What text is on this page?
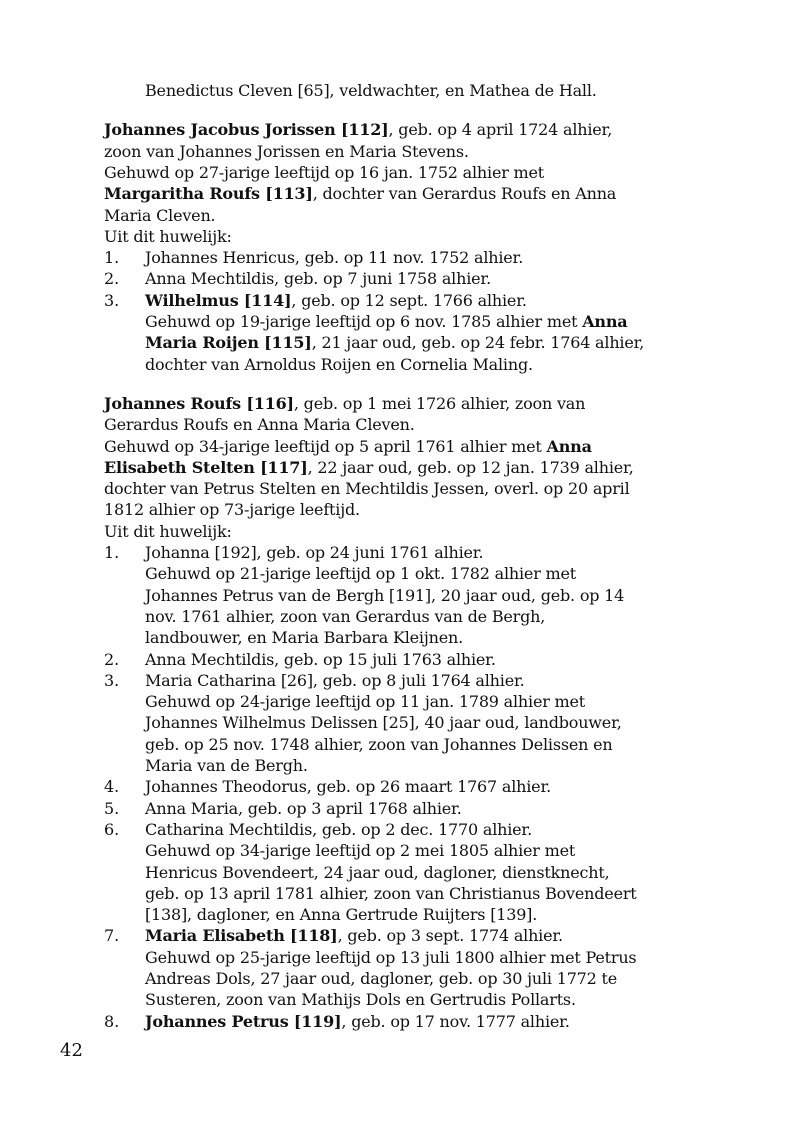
Benedictus Cleven [65], veldwachter, en Mathea de Hall.
Johannes Jacobus Jorissen [112], geb. op 4 april 1724 alhier,
zoon van Johannes Jorissen en Maria Stevens.
Gehuwd op 27-jarige leeftijd op 16 jan. 1752 alhier met
Margaritha Roufs [113], dochter van Gerardus Roufs en Anna
Maria Cleven.
Uit dit huwelijk:
Johannes Henricus, geb. op 11 nov. 1752 alhier.
1.
Anna Mechtildis, geb. op 7 juni 1758 alhier.
2.
Wilhelmus [114], geb. op 12 sept. 1766 alhier.
3.
Gehuwd op 19-jarige leeftijd op 6 nov. 1785 alhier met Anna
Maria Roijen [115], 21 jaar oud, geb. op 24 febr. 1764 alhier,
dochter van Arnoldus Roijen en Cornelia Maling.
Johannes Roufs [116], geb. op 1 mei 1726 alhier, zoon van
Gerardus Roufs en Anna Maria Cleven.
Gehuwd op 34-jarige leeftijd op 5 april 1761 alhier met Anna
Elisabeth Stelten [117], 22 jaar oud, geb. op 12 jan. 1739 alhier,
dochter van Petrus Stelten en Mechtildis Jessen, overl. op 20 april
1812 alhier op 73-jarige leeftijd.
Uit dit huwelijk:
Johanna [192], geb. op 24 juni 1761 alhier.
1.
Gehuwd op 21-jarige leeftijd op 1 okt. 1782 alhier met
Johannes Petrus van de Bergh [191], 20 jaar oud, geb. op 14
nov. 1761 alhier, zoon van Gerardus van de Bergh,
landbouwer, en Maria Barbara Kleijnen.
Anna Mechtildis, geb. op 15 juli 1763 alhier.
2.
Maria Catharina [26], geb. op 8 juli 1764 alhier.
3.
Gehuwd op 24-jarige leeftijd op 11 jan. 1789 alhier met
Johannes Wilhelmus Delissen [25], 40 jaar oud, landbouwer,
geb. op 25 nov. 1748 alhier, zoon van Johannes Delissen en
Maria van de Bergh.
Johannes Theodorus, geb. op 26 maart 1767 alhier.
4.
Anna Maria, geb. op 3 april 1768 alhier.
5.
Catharina Mechtildis, geb. op 2 dec. 1770 alhier.
6.
Gehuwd op 34-jarige leeftijd op 2 mei 1805 alhier met
Henricus Bovendeert, 24 jaar oud, dagloner, dienstknecht,
geb. op 13 april 1781 alhier, zoon van Christianus Bovendeert
[138], dagloner, en Anna Gertrude Ruijters [139].
Maria Elisabeth [118], geb. op 3 sept. 1774 alhier.
7.
Gehuwd op 25-jarige leeftijd op 13 juli 1800 alhier met Petrus
Andreas Dols, 27 jaar oud, dagloner, geb. op 30 juli 1772 te
Susteren, zoon van Mathijs Dols en Gertrudis Pollarts.
Johannes Petrus [119], geb. op 17 nov. 1777 alhier.
8.
42
